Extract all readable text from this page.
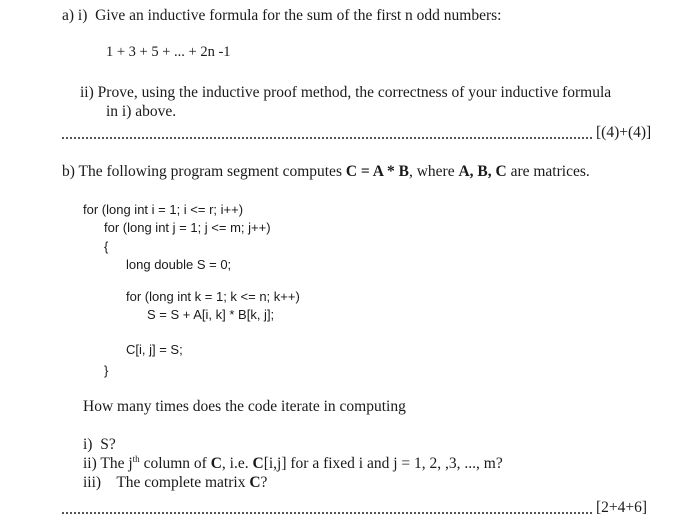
a) i) Give an inductive formula for the sum of the first n odd numbers:
1 + 3 + 5 + ... + 2n -1
ii) Prove, using the inductive proof method, the correctness of your inductive formula
in i) above.
[(4)+(4)]
b) The following program segment computes C = A * B, where A, B, C are matrices.
for (long int i = 1; i <= r; i++)
for (long int j = 1; j <= m; j++)
{
long double S = 0;
for (long int k = 1; k <= n; k++)
S = S + A[i, k] * B[k, j];
C[i, j] = S;
}
How many times does the code iterate in computing
i) S?
ii) The $j^{th}$ column of C, i.e. C[i,j] for a fixed i and j = 1, 2, ,3, ..., m?
iii) The complete matrix C?
[2+4+6]
